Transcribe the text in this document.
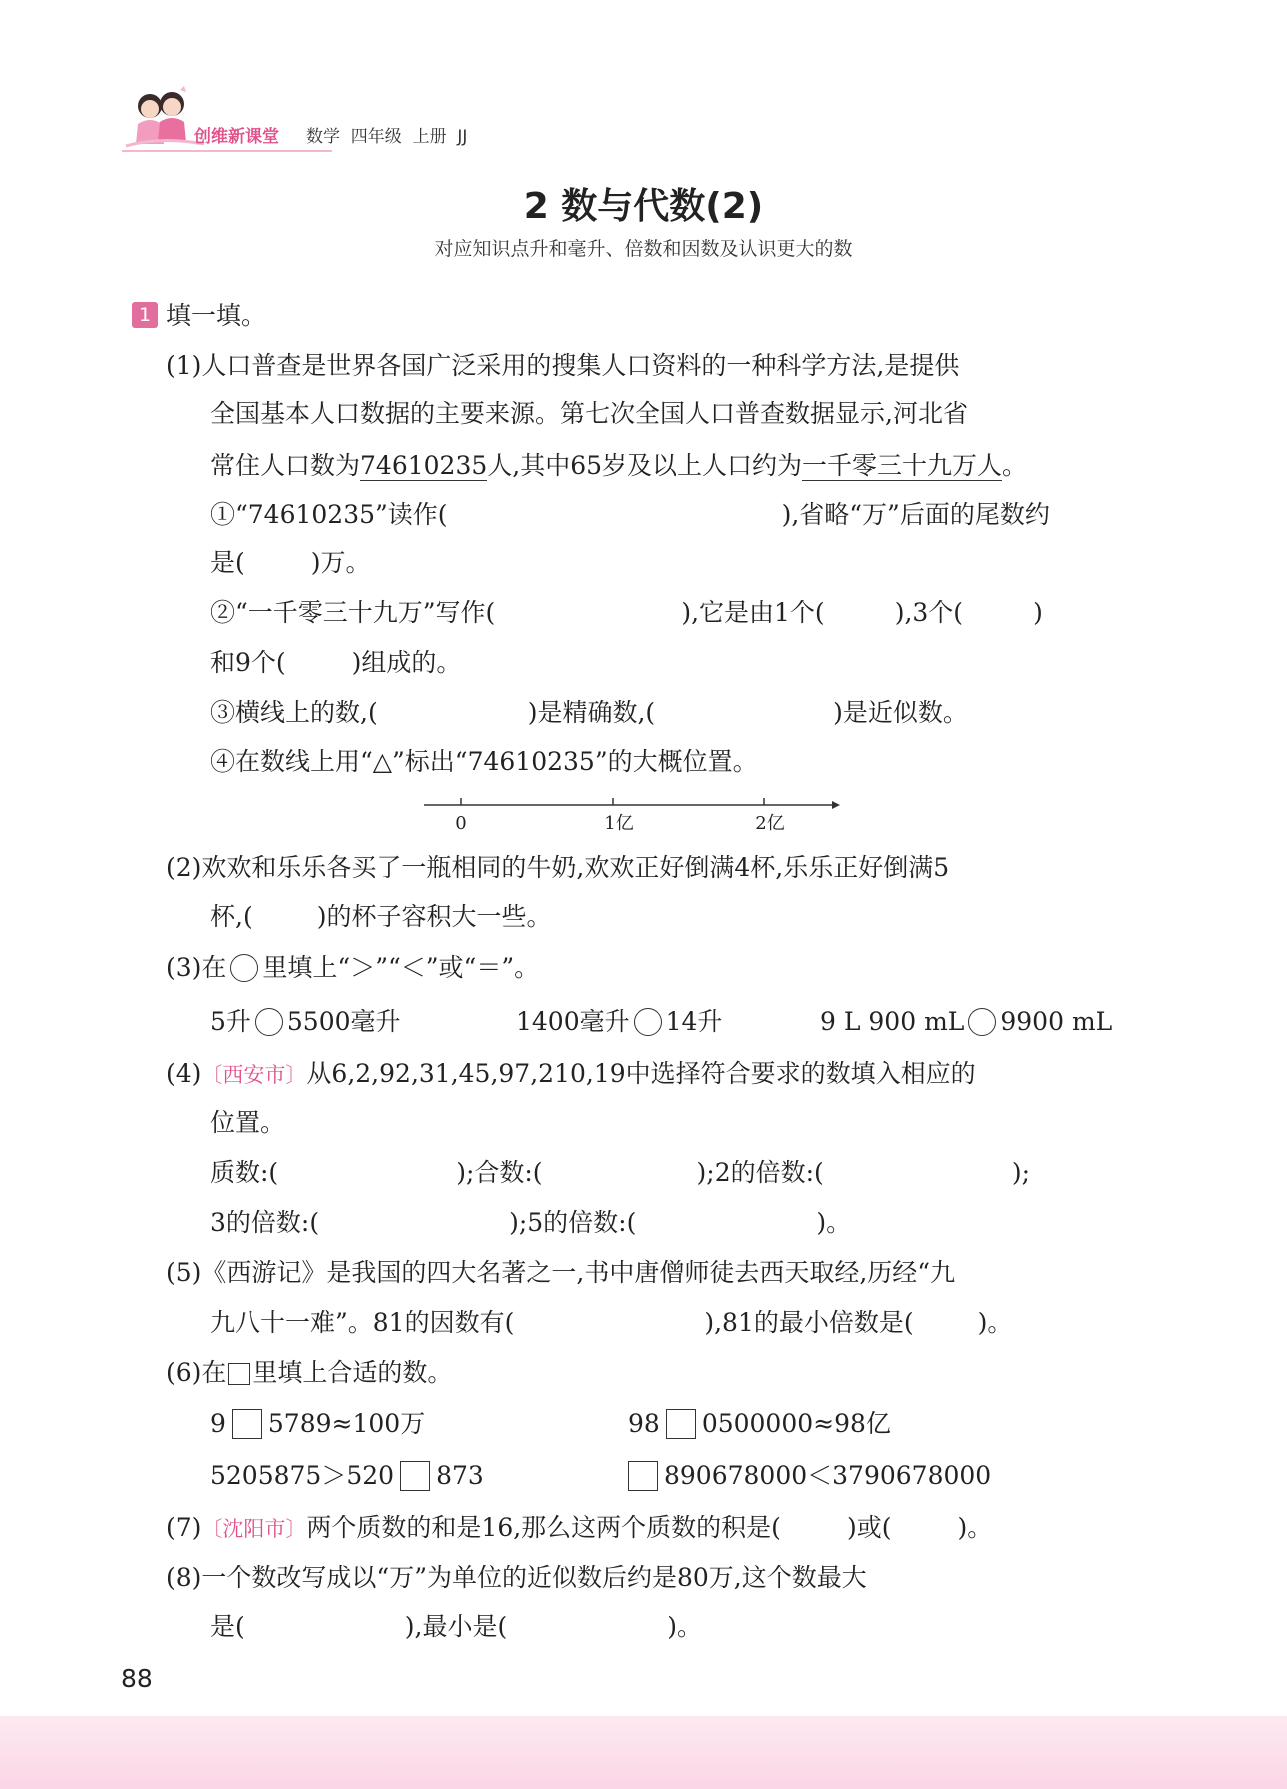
创维新课堂 数学  四年级  上册  JJ
2 数与代数(2)
对应知识点升和毫升、倍数和因数及认识更大的数
1 填一填。
(1)人口普查是世界各国广泛采用的搜集人口资料的一种科学方法,是提供
全国基本人口数据的主要来源。第七次全国人口普查数据显示,河北省
常住人口数为74610235人,其中65岁及以上人口约为一千零三十九万人。
①“74610235”读作(	),省略“万”后面的尾数约
是(	)万。
②“一千零三十九万”写作(	),它是由1个(	),3个(	)
和9个(	)组成的。
③横线上的数,(	)是精确数,(	)是近似数。
④在数线上用“△”标出“74610235”的大概位置。
0	1亿	2亿
(2)欢欢和乐乐各买了一瓶相同的牛奶,欢欢正好倒满4杯,乐乐正好倒满5
杯,(	)的杯子容积大一些。
(3)在 里填上“＞”“＜”或“＝”。
5升 5500毫升	1400毫升 14升	9 L 900 mL 9900 mL
(4)〔西安市〕从6,2,92,31,45,97,210,19中选择符合要求的数填入相应的
位置。
质数:(	);合数:(	);2的倍数:(	);
3的倍数:(	);5的倍数:(	)。
(5)《西游记》是我国的四大名著之一,书中唐僧师徒去西天取经,历经“九
九八十一难”。81的因数有(	),81的最小倍数是(	)。
(6)在 里填上合适的数。
9 5789≈100万	98 0500000≈98亿
5205875＞520 873	890678000＜3790678000
(7)〔沈阳市〕两个质数的和是16,那么这两个质数的积是(	)或(	)。
(8)一个数改写成以“万”为单位的近似数后约是80万,这个数最大
是(	),最小是(	)。
88
